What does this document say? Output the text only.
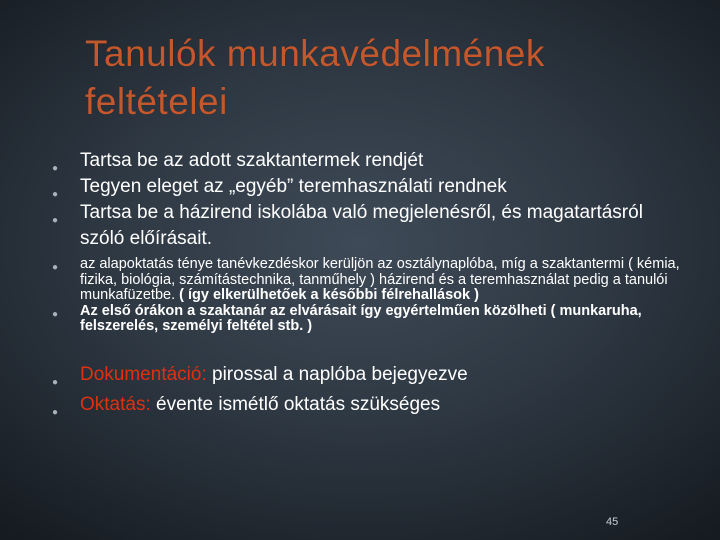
Tanulók munkavédelmének feltételei
● Tartsa be az adott szaktantermek rendjét
● Tegyen eleget az „egyéb” teremhasználati rendnek
● Tartsa be a házirend iskolába való megjelenésről, és magatartásról szóló előírásait.
● az alapoktatás ténye tanévkezdéskor kerüljön az osztálynaplóba, míg a szaktantermi ( kémia, fizika, biológia, számítástechnika, tanműhely ) házirend és a teremhasználat pedig a tanulói munkafüzetbe. ( így elkerülhetőek a későbbi félrehallások )
● Az első órákon a szaktanár az elvárásait így egyértelműen közölheti ( munkaruha, felszerelés, személyi feltétel stb. )
● Dokumentáció: pirossal a naplóba bejegyezve
● Oktatás: évente ismétlő oktatás szükséges
45
